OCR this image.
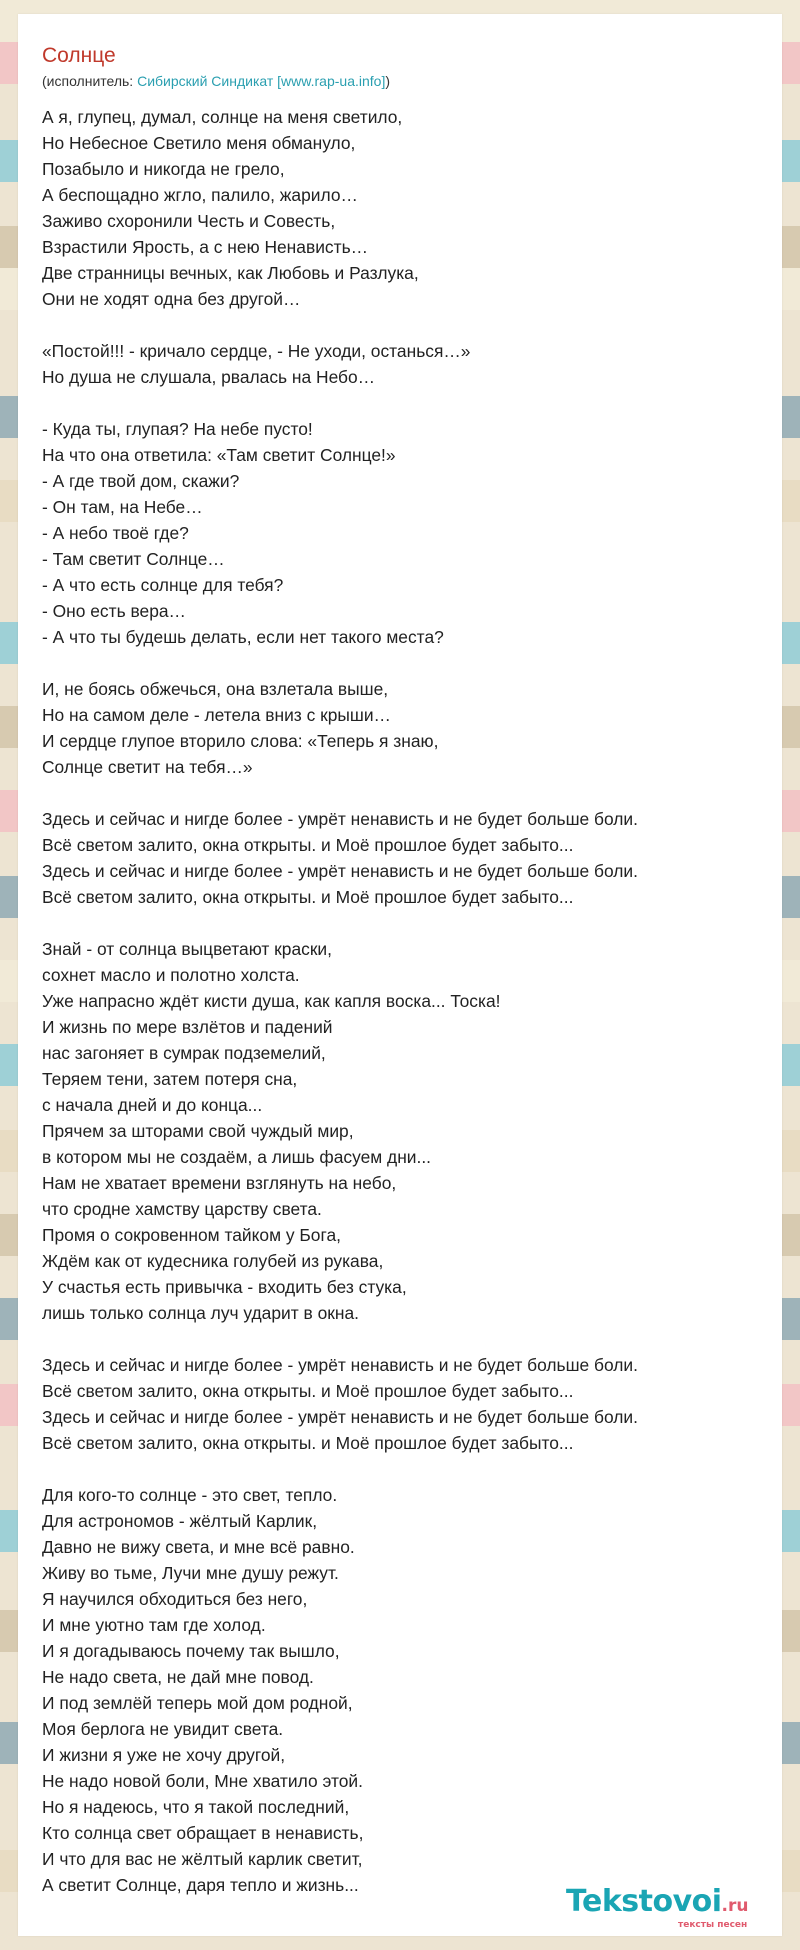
Солнце
(исполнитель: Сибирский Синдикат [www.rap-ua.info])
А я, глупец, думал, солнце на меня светило,
Но Небесное Светило меня обмануло,
Позабыло и никогда не грело,
А беспощадно жгло, палило, жарило…
Заживо схоронили Честь и Совесть,
Взрастили Ярость, а с нею Ненависть…
Две странницы вечных, как Любовь и Разлука,
Они не ходят одна без другой…

«Постой!!! - кричало сердце, - Не уходи, останься…»
Но душа не слушала, рвалась на Небо…

- Куда ты, глупая? На небе пусто!
На что она ответила: «Там светит Солнце!»
- А где твой дом, скажи?
- Он там, на Небе…
- А небо твоё где?
- Там светит Солнце…
- А что есть солнце для тебя?
- Оно есть вера…
- А что ты будешь делать, если нет такого места?

И, не боясь обжечься, она взлетала выше,
Но на самом деле - летела вниз с крыши…
И сердце глупое вторило слова: «Теперь я знаю,
Солнце светит на тебя…»

Здесь и сейчас и нигде более - умрёт ненависть и не будет больше боли.
Всё светом залито, окна открыты. и Моё прошлое будет забыто...
Здесь и сейчас и нигде более - умрёт ненависть и не будет больше боли.
Всё светом залито, окна открыты. и Моё прошлое будет забыто...

Знай - от солнца выцветают краски,
сохнет масло и полотно холста.
Уже напрасно ждёт кисти душа, как капля воска... Тоска!
И жизнь по мере взлётов и падений
нас загоняет в сумрак подземелий,
Теряем тени, затем потеря сна,
с начала дней и до конца...
Прячем за шторами свой чуждый мир,
в котором мы не создаём, а лишь фасуем дни...
Нам не хватает времени взглянуть на небо,
что сродне хамству царству света.
Промя о сокровенном тайком у Бога,
Ждём как от кудесника голубей из рукава,
У счастья есть привычка - входить без стука,
лишь только солнца луч ударит в окна.

Здесь и сейчас и нигде более - умрёт ненависть и не будет больше боли.
Всё светом залито, окна открыты. и Моё прошлое будет забыто...
Здесь и сейчас и нигде более - умрёт ненависть и не будет больше боли.
Всё светом залито, окна открыты. и Моё прошлое будет забыто...

Для кого-то солнце - это свет, тепло.
Для астрономов - жёлтый Карлик,
Давно не вижу света, и мне всё равно.
Живу во тьме, Лучи мне душу режут.
Я научился обходиться без него,
И мне уютно там где холод.
И я догадываюсь почему так вышло,
Не надо света, не дай мне повод.
И под землёй теперь мой дом родной,
Моя берлога не увидит света.
И жизни я уже не хочу другой,
Не надо новой боли, Мне хватило этой.
Но я надеюсь, что я такой последний,
Кто солнца свет обращает в ненависть,
И что для вас не жёлтый карлик светит,
А светит Солнце, даря тепло и жизнь...	Tekstovoi.ru
тексты песен
